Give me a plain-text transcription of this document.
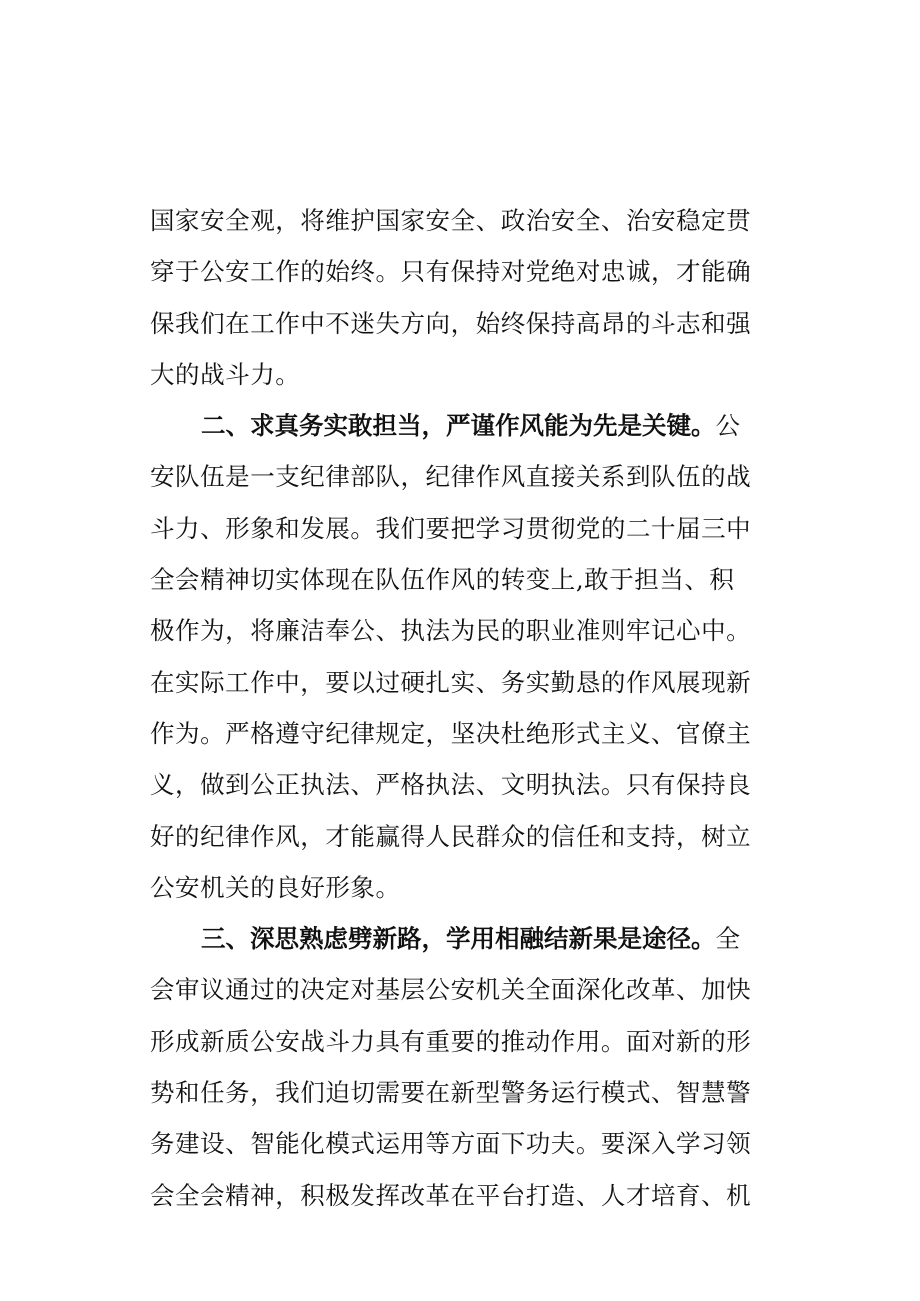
国家安全观，将维护国家安全、政治安全、治安稳定贯
穿于公安工作的始终。只有保持对党绝对忠诚，才能确
保我们在工作中不迷失方向，始终保持高昂的斗志和强
大的战斗力。
二、求真务实敢担当，严谨作风能为先是关键。公
安队伍是一支纪律部队，纪律作风直接关系到队伍的战
斗力、形象和发展。我们要把学习贯彻党的二十届三中
全会精神切实体现在队伍作风的转变上,敢于担当、积
极作为，将廉洁奉公、执法为民的职业准则牢记心中。
在实际工作中，要以过硬扎实、务实勤恳的作风展现新
作为。严格遵守纪律规定，坚决杜绝形式主义、官僚主
义，做到公正执法、严格执法、文明执法。只有保持良
好的纪律作风，才能赢得人民群众的信任和支持，树立
公安机关的良好形象。
三、深思熟虑劈新路，学用相融结新果是途径。全
会审议通过的决定对基层公安机关全面深化改革、加快
形成新质公安战斗力具有重要的推动作用。面对新的形
势和任务，我们迫切需要在新型警务运行模式、智慧警
务建设、智能化模式运用等方面下功夫。要深入学习领
会全会精神，积极发挥改革在平台打造、人才培育、机
